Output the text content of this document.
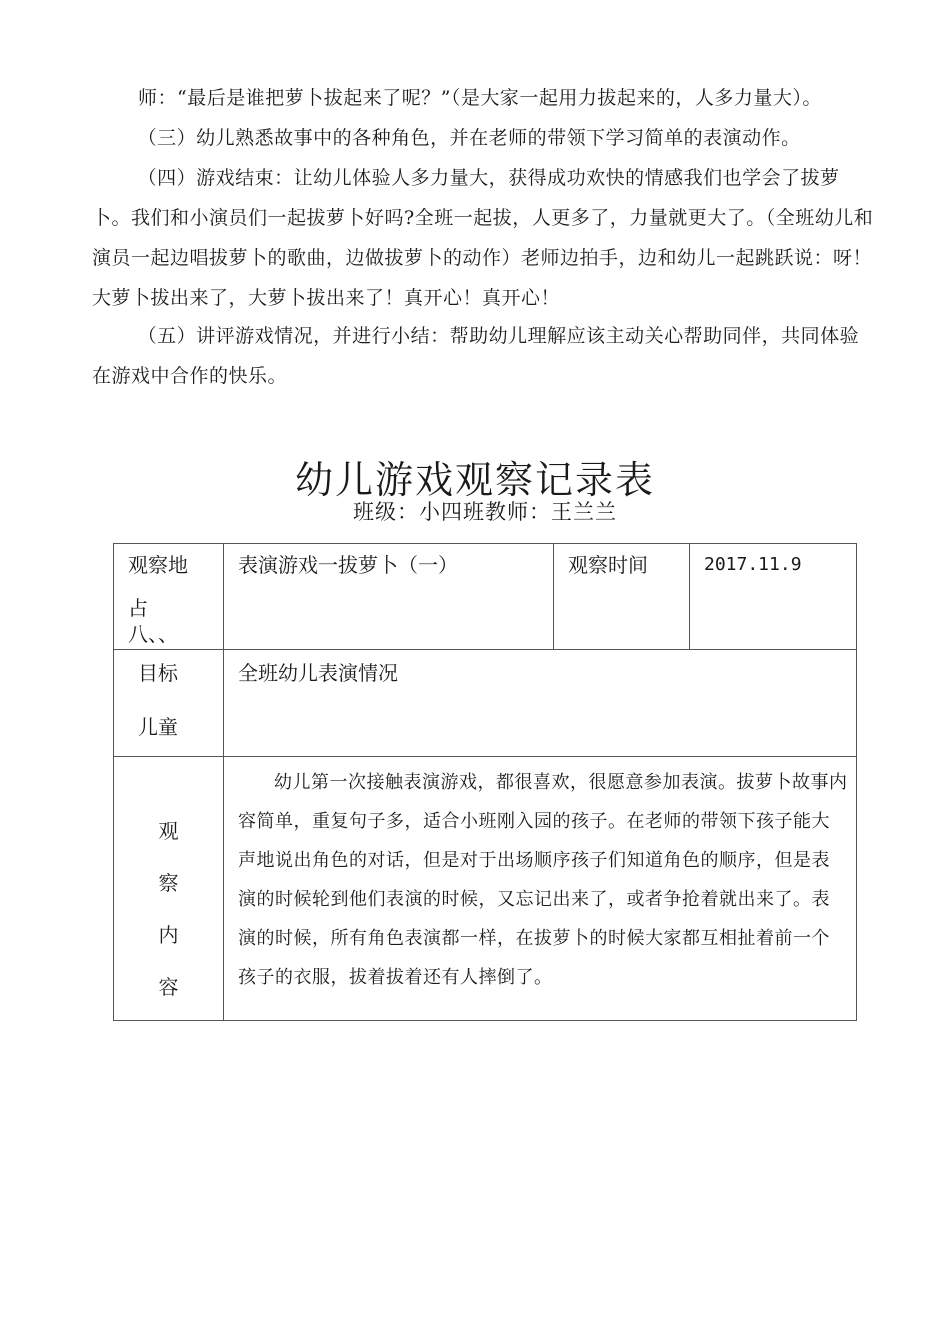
师：“最后是谁把萝卜拔起来了呢？”（是大家一起用力拔起来的，人多力量大）。

（三）幼儿熟悉故事中的各种角色，并在老师的带领下学习简单的表演动作。

（四）游戏结束：让幼儿体验人多力量大，获得成功欢快的情感我们也学会了拔萝卜。我们和小演员们一起拔萝卜好吗?全班一起拔，人更多了，力量就更大了。（全班幼儿和演员一起边唱拔萝卜的歌曲，边做拔萝卜的动作）老师边拍手，边和幼儿一起跳跃说：呀！大萝卜拔出来了，大萝卜拔出来了！真开心！真开心！

（五）讲评游戏情况，并进行小结：帮助幼儿理解应该主动关心帮助同伴，共同体验在游戏中合作的快乐。

幼儿游戏观察记录表
班级：小四班教师：王兰兰
观察地
占
八、、	表演游戏一拔萝卜（一）	观察时间	2017.11.9

目标
儿童	全班幼儿表演情况		

观
察
内
容	幼儿第一次接触表演游戏，都很喜欢，很愿意参加表演。拔萝卜故事内容简单，重复句子多，适合小班刚入园的孩子。在老师的带领下孩子能大声地说出角色的对话，但是对于出场顺序孩子们知道角色的顺序，但是表演的时候轮到他们表演的时候，又忘记出来了，或者争抢着就出来了。表演的时候，所有角色表演都一样，在拔萝卜的时候大家都互相扯着前一个孩子的衣服，拔着拔着还有人摔倒了。		
